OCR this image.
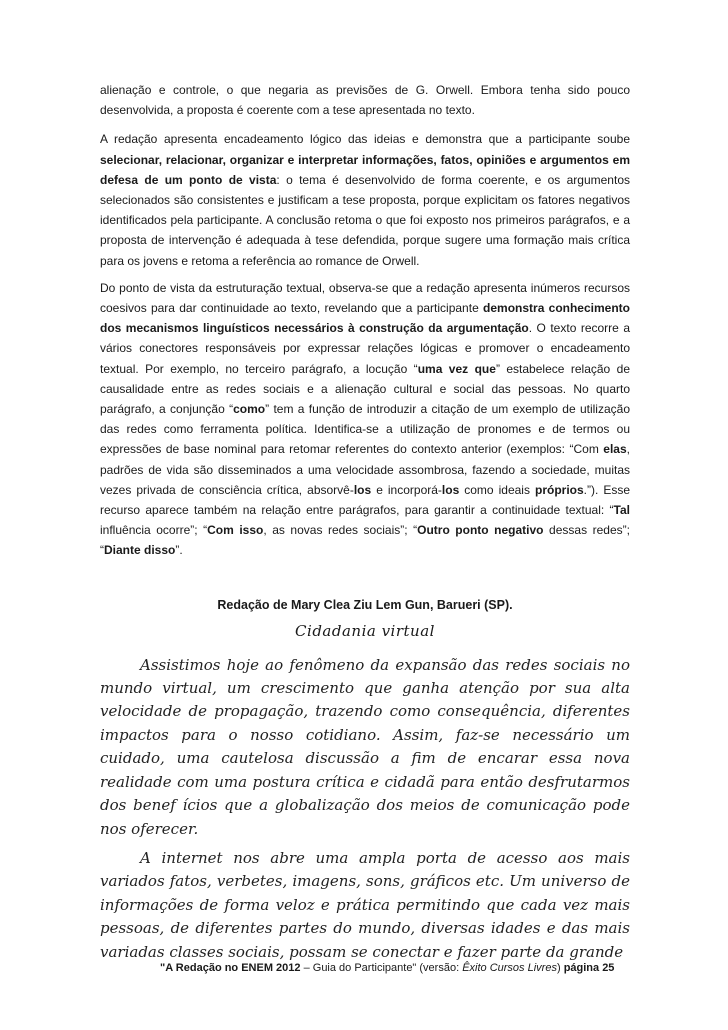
alienação e controle, o que negaria as previsões de G. Orwell. Embora tenha sido pouco desenvolvida, a proposta é coerente com a tese apresentada no texto.

A redação apresenta encadeamento lógico das ideias e demonstra que a participante soube selecionar, relacionar, organizar e interpretar informações, fatos, opiniões e argumentos em defesa de um ponto de vista: o tema é desenvolvido de forma coerente, e os argumentos selecionados são consistentes e justificam a tese proposta, porque explicitam os fatores negativos identificados pela participante. A conclusão retoma o que foi exposto nos primeiros parágrafos, e a proposta de intervenção é adequada à tese defendida, porque sugere uma formação mais crítica para os jovens e retoma a referência ao romance de Orwell.

Do ponto de vista da estruturação textual, observa-se que a redação apresenta inúmeros recursos coesivos para dar continuidade ao texto, revelando que a participante demonstra conhecimento dos mecanismos linguísticos necessários à construção da argumentação. O texto recorre a vários conectores responsáveis por expressar relações lógicas e promover o encadeamento textual. Por exemplo, no terceiro parágrafo, a locução “uma vez que” estabelece relação de causalidade entre as redes sociais e a alienação cultural e social das pessoas. No quarto parágrafo, a conjunção “como” tem a função de introduzir a citação de um exemplo de utilização das redes como ferramenta política. Identifica-se a utilização de pronomes e de termos ou expressões de base nominal para retomar referentes do contexto anterior (exemplos: “Com elas, padrões de vida são disseminados a uma velocidade assombrosa, fazendo a sociedade, muitas vezes privada de consciência crítica, absorvê-los e incorporá-los como ideais próprios.”). Esse recurso aparece também na relação entre parágrafos, para garantir a continuidade textual: “Tal influência ocorre”; “Com isso, as novas redes sociais”; “Outro ponto negativo dessas redes”; “Diante disso”.

Redação de Mary Clea Ziu Lem Gun, Barueri (SP).

Cidadania virtual

Assistimos hoje ao fenômeno da expansão das redes sociais no mundo virtual, um crescimento que ganha atenção por sua alta velocidade de propagação, trazendo como consequência, diferentes impactos para o nosso cotidiano. Assim, faz-se necessário um cuidado, uma cautelosa discussão a fim de encarar essa nova realidade com uma postura crítica e cidadã para então desfrutarmos dos benef ícios que a globalização dos meios de comunicação pode nos oferecer.

A internet nos abre uma ampla porta de acesso aos mais variados fatos, verbetes, imagens, sons, gráficos etc. Um universo de informações de forma veloz e prática permitindo que cada vez mais pessoas, de diferentes partes do mundo, diversas idades e das mais variadas classes sociais, possam se conectar e fazer parte da grande

"A Redação no ENEM 2012 – Guia do Participante" (versão: Êxito Cursos Livres) página 25
